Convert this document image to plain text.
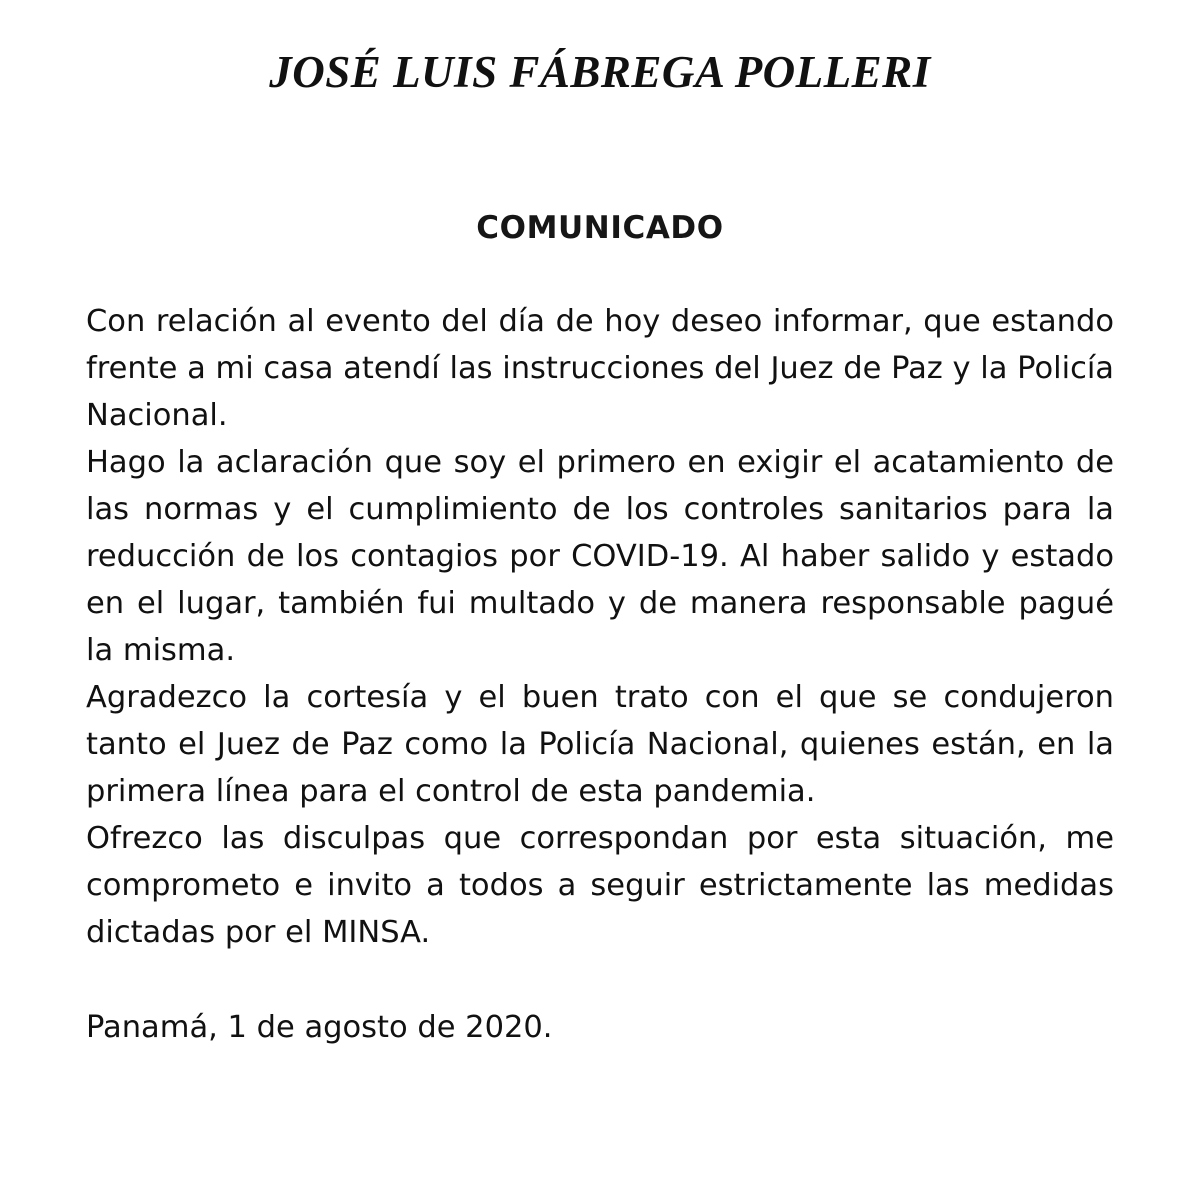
JOSÉ LUIS FÁBREGA POLLERI
COMUNICADO

Con relación al evento del día de hoy deseo informar, que estando frente a mi casa atendí las instrucciones del Juez de Paz y la Policía Nacional.

Hago la aclaración que soy el primero en exigir el acatamiento de las normas y el cumplimiento de los controles sanitarios para la reducción de los contagios por COVID-19. Al haber salido y estado en el lugar, también fui multado y de manera responsable pagué la misma.

Agradezco la cortesía y el buen trato con el que se condujeron tanto el Juez de Paz como la Policía Nacional, quienes están, en la primera línea para el control de esta pandemia.

Ofrezco las disculpas que correspondan por esta situación, me comprometo e invito a todos a seguir estrictamente las medidas dictadas por el MINSA.

Panamá, 1 de agosto de 2020.
